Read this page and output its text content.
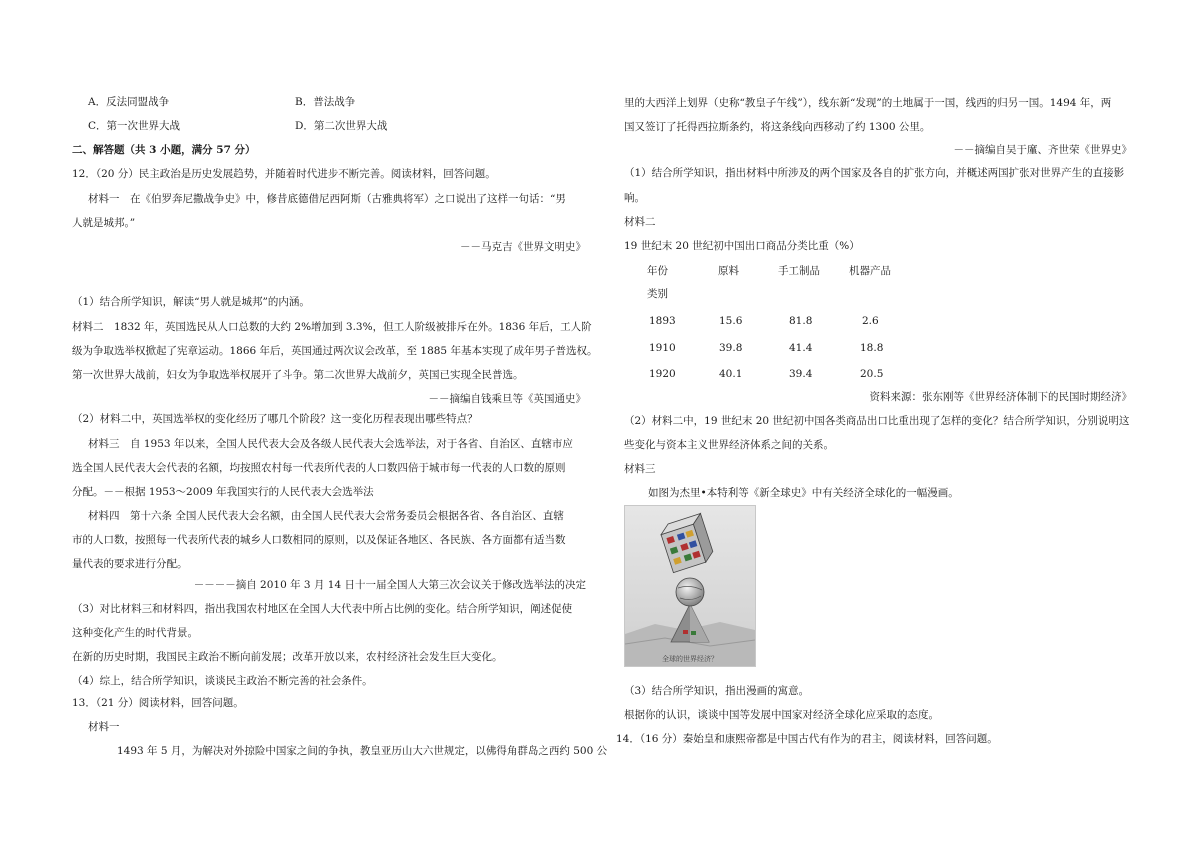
A．反法同盟战争	B．普法战争
C．第一次世界大战	D．第二次世界大战
二、解答题（共 3 小题，满分 57 分）
12．（20 分）民主政治是历史发展趋势，并随着时代进步不断完善。阅读材料，回答问题。
材料一　在《伯罗奔尼撒战争史》中，修昔底德借尼西阿斯（古雅典将军）之口说出了这样一句话：“男
人就是城邦。”
－－马克吉《世界文明史》
（1）结合所学知识，解读“男人就是城邦”的内涵。
材料二　1832 年，英国选民从人口总数的大约 2%增加到 3.3%，但工人阶级被排斥在外。1836 年后，工人阶
级为争取选举权掀起了宪章运动。1866 年后，英国通过两次议会改革，至 1885 年基本实现了成年男子普选权。
第一次世界大战前，妇女为争取选举权展开了斗争。第二次世界大战前夕，英国已实现全民普选。
－－摘编自钱乘旦等《英国通史》
（2）材料二中，英国选举权的变化经历了哪几个阶段？这一变化历程表现出哪些特点？
材料三　自 1953 年以来，全国人民代表大会及各级人民代表大会选举法，对于各省、自治区、直辖市应
选全国人民代表大会代表的名额，均按照农村每一代表所代表的人口数四倍于城市每一代表的人口数的原则
分配。－－根据 1953～2009 年我国实行的人民代表大会选举法
材料四　第十六条 全国人民代表大会名额，由全国人民代表大会常务委员会根据各省、各自治区、直辖
市的人口数，按照每一代表所代表的城乡人口数相同的原则，以及保证各地区、各民族、各方面都有适当数
量代表的要求进行分配。
－－－－摘自 2010 年 3 月 14 日十一届全国人大第三次会议关于修改选举法的决定
（3）对比材料三和材料四，指出我国农村地区在全国人大代表中所占比例的变化。结合所学知识，阐述促使
这种变化产生的时代背景。
在新的历史时期，我国民主政治不断向前发展；改革开放以来，农村经济社会发生巨大变化。
（4）综上，结合所学知识，谈谈民主政治不断完善的社会条件。
13．（21 分）阅读材料，回答问题。
材料一
1493 年 5 月，为解决对外掠险中国家之间的争执，教皇亚历山大六世规定，以佛得角群岛之西约 500 公
里的大西洋上划界（史称“教皇子午线”），线东新“发现”的土地属于一国，线西的归另一国。1494 年，两
国又签订了托得西拉斯条约，将这条线向西移动了约 1300 公里。
－－摘编自吴于廑、齐世荣《世界史》
（1）结合所学知识，指出材料中所涉及的两个国家及各自的扩张方向，并概述两国扩张对世界产生的直接影
响。
材料二
19 世纪末 20 世纪初中国出口商品分类比重（%）
年份	原料	手工制品	机器产品
类别
1893	15.6	81.8	2.6
1910	39.8	41.4	18.8
1920	40.1	39.4	20.5
资料来源：张东刚等《世界经济体制下的民国时期经济》
（2）材料二中，19 世纪末 20 世纪初中国各类商品出口比重出现了怎样的变化？结合所学知识，分别说明这
些变化与资本主义世界经济体系之间的关系。
材料三
如图为杰里•本特利等《新全球史》中有关经济全球化的一幅漫画。
（3）结合所学知识，指出漫画的寓意。
根据你的认识，谈谈中国等发展中国家对经济全球化应采取的态度。
14．（16 分）秦始皇和康熙帝都是中国古代有作为的君主，阅读材料，回答问题。
全球的世界经济？
